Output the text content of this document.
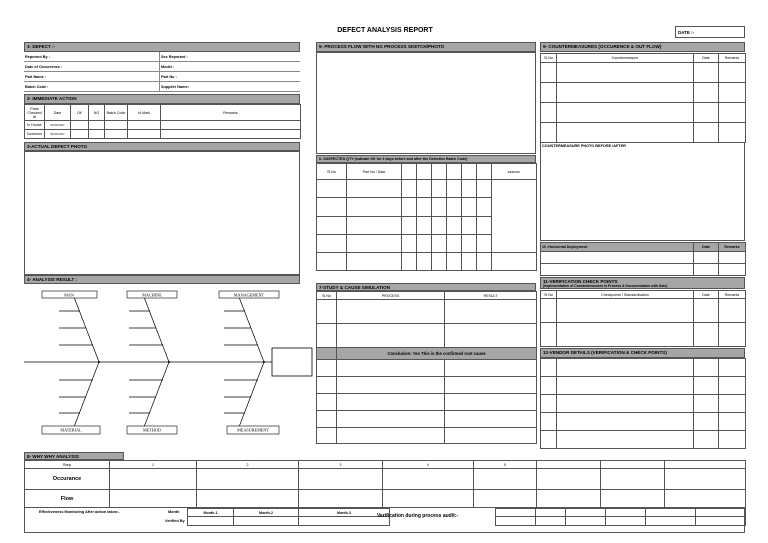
DEFECT ANALYSIS REPORT	DATE :-
1- DEFECT :-
Reported By :	Sec Reported :
Date of Occurrence :	Model :
Part Name :	Part No :
Batch Code :	Supplier Name:
2- IMMEDIATE ACTION
Parts Checked at	Date	OK	NG	Batch Code	Id Mark	Remarks
In House	00.00.2017					
Customer	00.00.2017					
3-ACTUAL DEFECT PHOTO
4- ANALYSIS RESULT :
MAN	MACHINE	MANAGEMENT
MATERIAL	METHOD	MEASUREMENT
5- PROCESS FLOW WITH NG PROCESS SKETCH/PHOTO
6- SUSPECTED QTY (Indicate OK for 3 days before and after the Defective Batch Code)
Sl No	Part No / Date							REMARK

7-STUDY & CAUSE SIMULATION
Sl No	PROCESS	RESULT

	Conclusion: Yes This is the confirmed root cause	

9- COUNTERMEASURES (OCCURENCE & OUT FLOW)
Sl No	Countermeasure	Date	Remarks

COUNTERMEASURE PHOTO BEFORE /AFTER
10 -Horizontal Deployment	Date	Remarks

11-VERIFICATION CHECK POINTS
(Implementation of Countermeasures in Process & Documentation with Date)
Sl No	Checkpoints / Standardisation	Date	Remarks

12-VENDOR DETAILS (VERIFICATION & CHECK POINTS)

8- WHY WHY ANALYSIS
Step	1	2	3	4	5			
Occurance								
Flow								
Effectiveness Monitoring After action taken:-	Month
Verified By
Month-1	Month-2	Month-3

Verification during process audit:-
